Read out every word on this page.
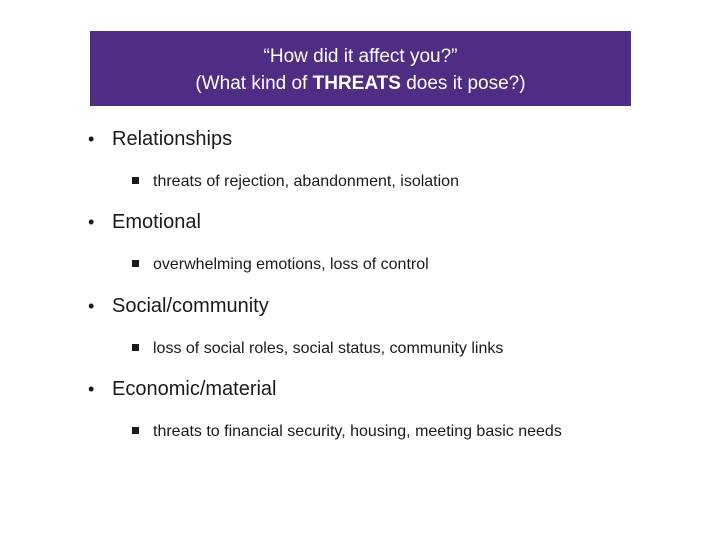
“How did it affect you?”
(What kind of THREATS does it pose?)
• Relationships
threats of rejection, abandonment, isolation
• Emotional
overwhelming emotions, loss of control
• Social/community
loss of social roles, social status, community links
• Economic/material
threats to financial security, housing, meeting basic needs
